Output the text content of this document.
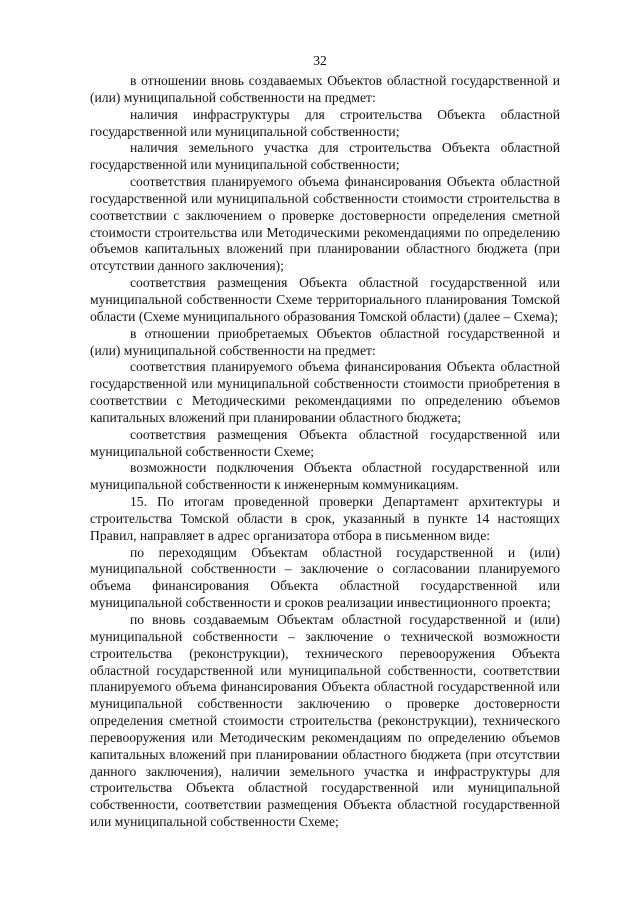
32

в отношении вновь создаваемых Объектов областной государственной и (или) муниципальной собственности на предмет:

наличия инфраструктуры для строительства Объекта областной государственной или муниципальной собственности;

наличия земельного участка для строительства Объекта областной государственной или муниципальной собственности;

соответствия планируемого объема финансирования Объекта областной государственной или муниципальной собственности стоимости строительства в соответствии с заключением о проверке достоверности определения сметной стоимости строительства или Методическими рекомендациями по определению объемов капитальных вложений при планировании областного бюджета (при отсутствии данного заключения);

соответствия размещения Объекта областной государственной или муниципальной собственности Схеме территориального планирования Томской области (Схеме муниципального образования Томской области) (далее – Схема);

в отношении приобретаемых Объектов областной государственной и (или) муниципальной собственности на предмет:

соответствия планируемого объема финансирования Объекта областной государственной или муниципальной собственности стоимости приобретения в соответствии с Методическими рекомендациями по определению объемов капитальных вложений при планировании областного бюджета;

соответствия размещения Объекта областной государственной или муниципальной собственности Схеме;

возможности подключения Объекта областной государственной или муниципальной собственности к инженерным коммуникациям.

15. По итогам проведенной проверки Департамент архитектуры и строительства Томской области в срок, указанный в пункте 14 настоящих Правил, направляет в адрес организатора отбора в письменном виде:

по переходящим Объектам областной государственной и (или) муниципальной собственности – заключение о согласовании планируемого объема финансирования Объекта областной государственной или муниципальной собственности и сроков реализации инвестиционного проекта;

по вновь создаваемым Объектам областной государственной и (или) муниципальной собственности – заключение о технической возможности строительства (реконструкции), технического перевооружения Объекта областной государственной или муниципальной собственности, соответствии планируемого объема финансирования Объекта областной государственной или муниципальной собственности заключению о проверке достоверности определения сметной стоимости строительства (реконструкции), технического перевооружения или Методическим рекомендациям по определению объемов капитальных вложений при планировании областного бюджета (при отсутствии данного заключения), наличии земельного участка и инфраструктуры для строительства Объекта областной государственной или муниципальной собственности, соответствии размещения Объекта областной государственной или муниципальной собственности Схеме;
